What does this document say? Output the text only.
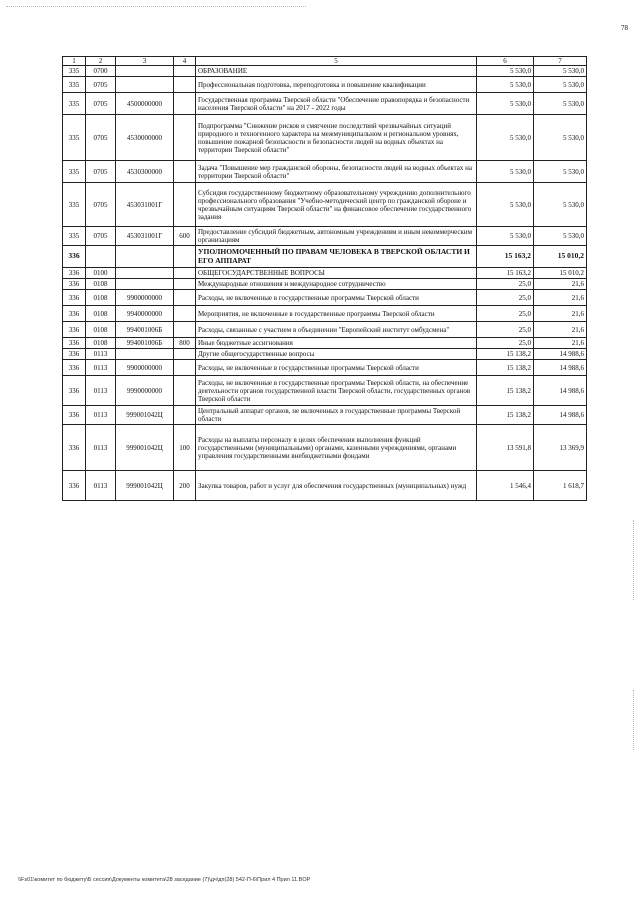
78
1	2	3	4	5	6	7
335	0700			ОБРАЗОВАНИЕ	5 530,0	5 530,0
335	0705			Профессиональная подготовка, переподготовка и повышение квалификации	5 530,0	5 530,0
335	0705	4500000000		Государственная программа Тверской области "Обеспечение правопорядка и безопасности населения Тверской области" на 2017 - 2022 годы	5 530,0	5 530,0
335	0705	4530000000		Подпрограмма "Снижение рисков и смягчение последствий чрезвычайных ситуаций природного и техногенного характера на межмуниципальном и региональном уровнях, повышение пожарной безопасности и безопасности людей на водных объектах на территории Тверской области"	5 530,0	5 530,0
335	0705	4530300000		Задача "Повышение мер гражданской обороны, безопасности людей на водных объектах на территории Тверской области"	5 530,0	5 530,0
335	0705	453031001Г		Субсидия государственному бюджетному образовательному учреждению дополнительного профессионального образования "Учебно-методический центр по гражданской обороне и чрезвычайным ситуациям Тверской области" на финансовое обеспечение государственного задания	5 530,0	5 530,0
335	0705	453031001Г	600	Предоставление субсидий бюджетным, автономным учреждениям и иным некоммерческим организациям	5 530,0	5 530,0
336				УПОЛНОМОЧЕННЫЙ ПО ПРАВАМ ЧЕЛОВЕКА В ТВЕРСКОЙ ОБЛАСТИ И ЕГО АППАРАТ	15 163,2	15 010,2
336	0100			ОБЩЕГОСУДАРСТВЕННЫЕ ВОПРОСЫ	15 163,2	15 010,2
336	0108			Международные отношения и международное сотрудничество	25,0	21,6
336	0108	9900000000		Расходы, не включенные в государственные программы Тверской области	25,0	21,6
336	0108	9940000000		Мероприятия, не включенные в государственные программы Тверской области	25,0	21,6
336	0108	994001006Б		Расходы, связанные с участием в объединении "Европейский институт омбудсмена"	25,0	21,6
336	0108	994001006Б	800	Иные бюджетные ассигнования	25,0	21,6
336	0113			Другие общегосударственные вопросы	15 138,2	14 988,6
336	0113	9900000000		Расходы, не включенные в государственные программы Тверской области	15 138,2	14 988,6
336	0113	9990000000		Расходы, не включенные в государственные программы Тверской области, на обеспечение деятельности органов государственной власти Тверской области, государственных органов Тверской области	15 138,2	14 988,6
336	0113	999001042Ц		Центральный аппарат органов, не включенных в государственные программы Тверской области	15 138,2	14 988,6
336	0113	999001042Ц	100	Расходы на выплаты персоналу в целях обеспечения выполнения функций государственными (муниципальными) органами, казенными учреждениями, органами управления государственными внебюджетными фондами	13 591,8	13 369,9
336	0113	999001042Ц	200	Закупка товаров, работ и услуг для обеспечения государственных (муниципальных) нужд	1 546,4	1 618,7
\\Fs01\комитет по бюджету\Б сессия\Документы комитета\28 заседание (7)\дч\дп(28) 542-П-6\Прил 4 Прил 11.BOP
